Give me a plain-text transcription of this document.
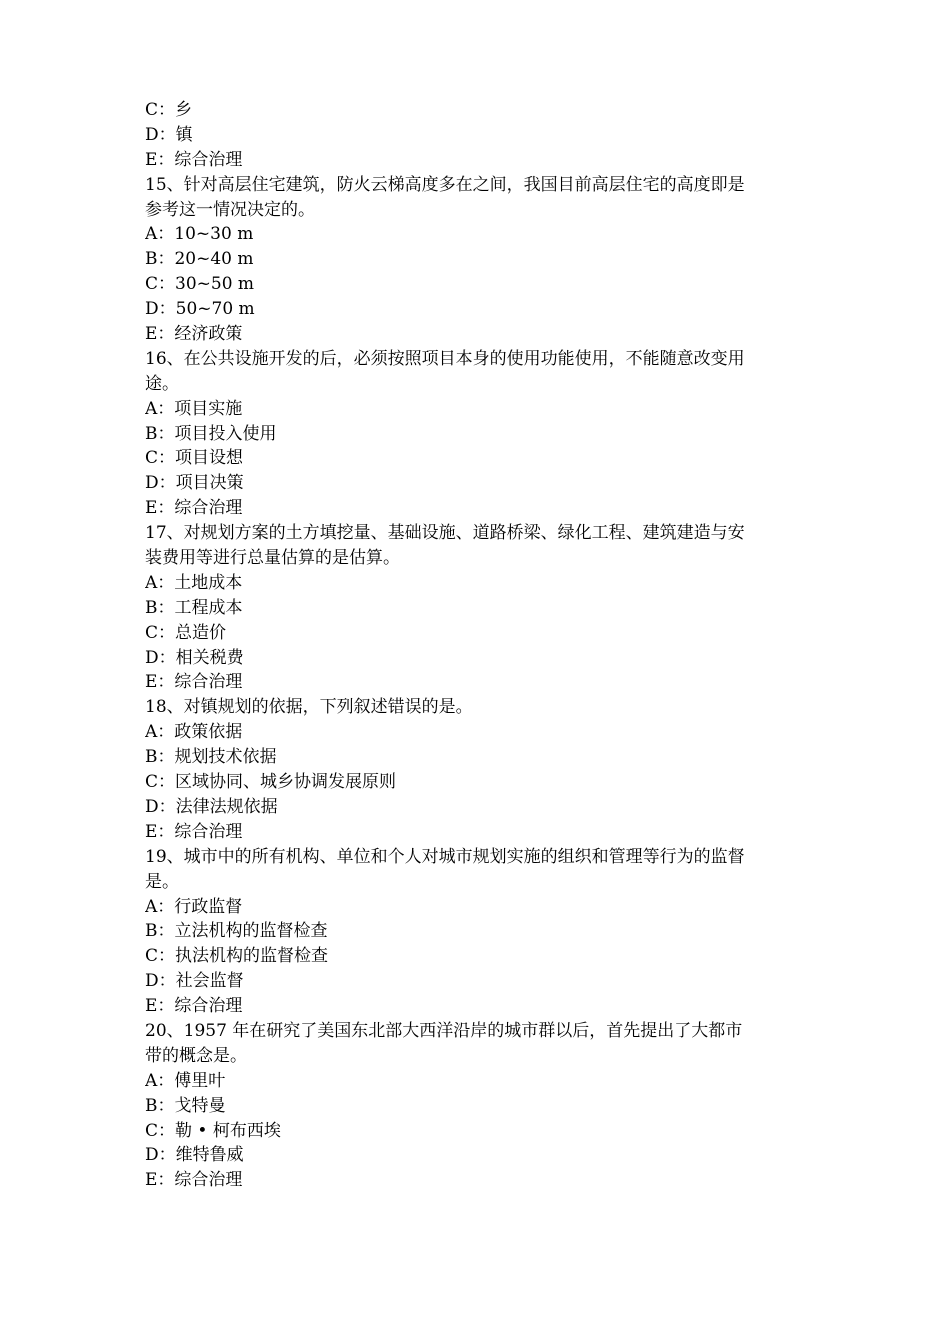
C：乡
D：镇
E：综合治理
15、针对高层住宅建筑，防火云梯高度多在之间，我国目前高层住宅的高度即是
参考这一情况决定的。
A：10~30 m
B：20~40 m
C：30~50 m
D：50~70 m
E：经济政策
16、在公共设施开发的后，必须按照项目本身的使用功能使用，不能随意改变用
途。
A：项目实施
B：项目投入使用
C：项目设想
D：项目决策
E：综合治理
17、对规划方案的土方填挖量、基础设施、道路桥梁、绿化工程、建筑建造与安
装费用等进行总量估算的是估算。
A：土地成本
B：工程成本
C：总造价
D：相关税费
E：综合治理
18、对镇规划的依据，下列叙述错误的是。
A：政策依据
B：规划技术依据
C：区域协同、城乡协调发展原则
D：法律法规依据
E：综合治理
19、城市中的所有机构、单位和个人对城市规划实施的组织和管理等行为的监督
是。
A：行政监督
B：立法机构的监督检查
C：执法机构的监督检查
D：社会监督
E：综合治理
20、1957 年在研究了美国东北部大西洋沿岸的城市群以后，首先提出了大都市
带的概念是。
A：傅里叶
B：戈特曼
C：勒 • 柯布西埃
D：维特鲁威
E：综合治理
